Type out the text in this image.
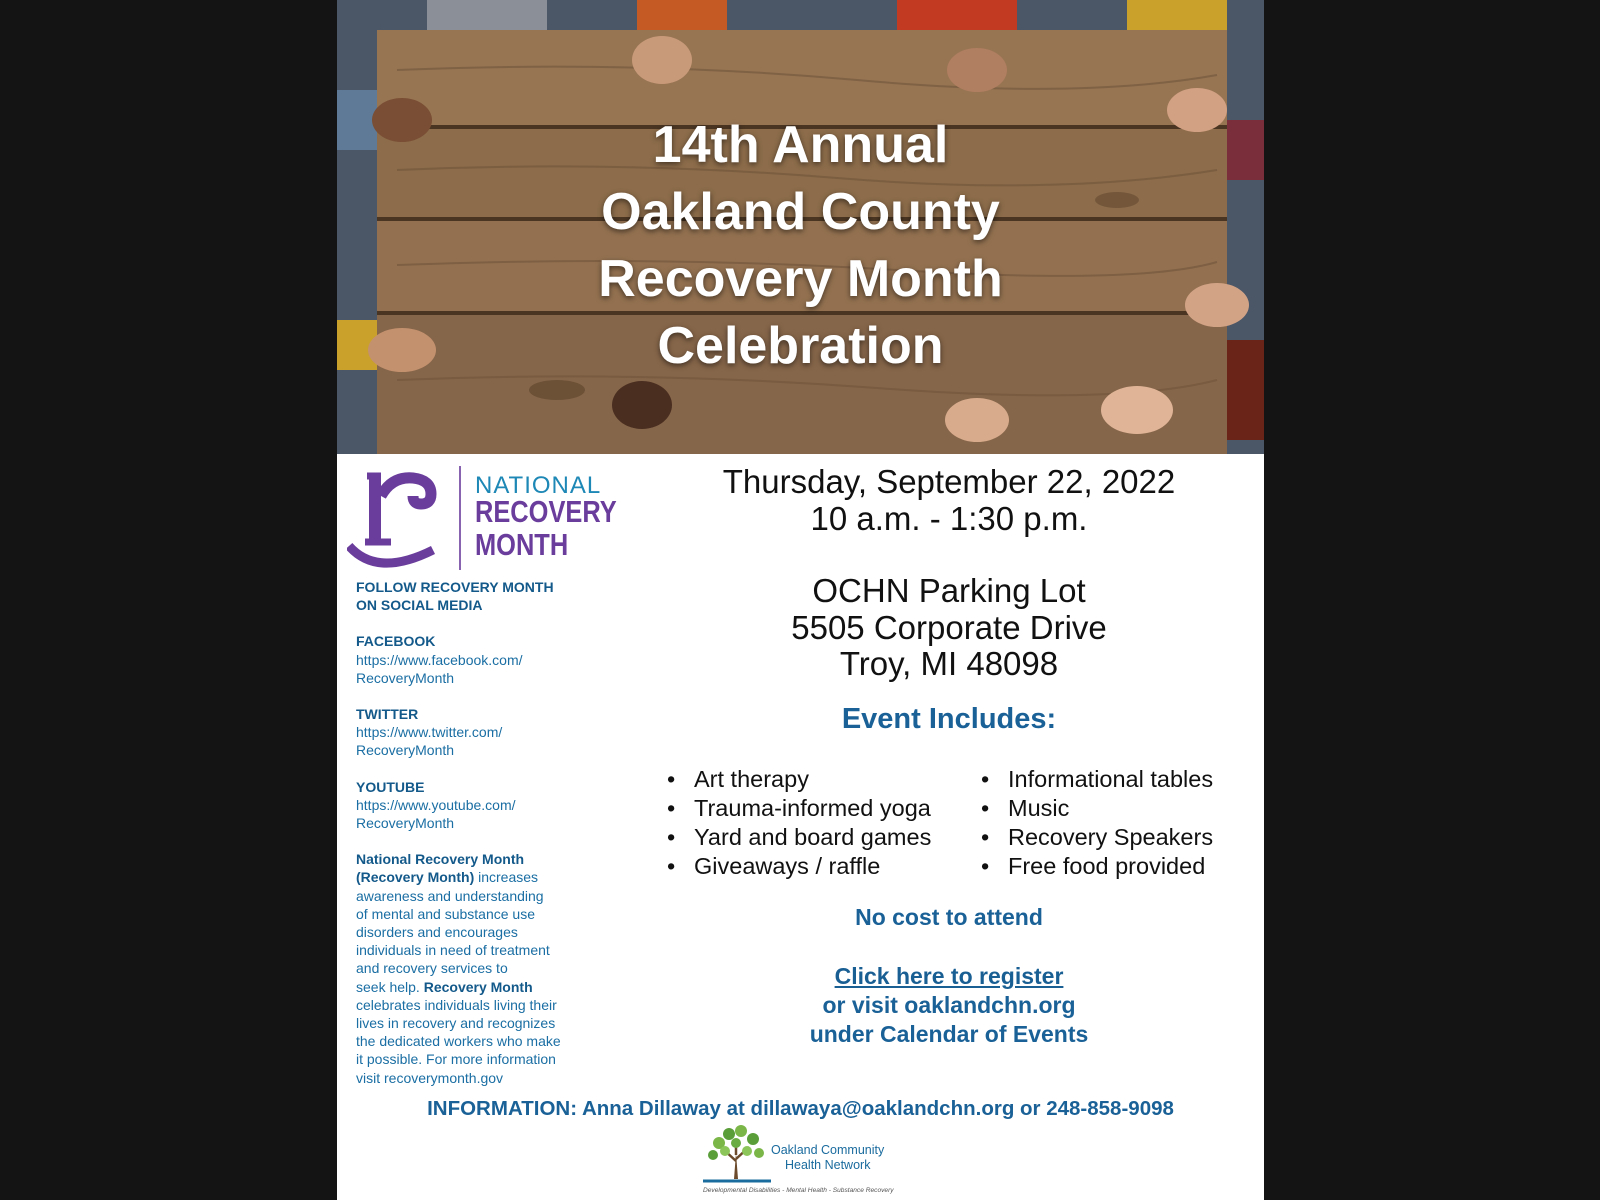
14th Annual
Oakland County
Recovery Month
Celebration
NATIONAL
RECOVERY
MONTH
FOLLOW RECOVERY MONTH
ON SOCIAL MEDIA
FACEBOOK
https://www.facebook.com/
RecoveryMonth
TWITTER
https://www.twitter.com/
RecoveryMonth
YOUTUBE
https://www.youtube.com/
RecoveryMonth
National Recovery Month
(Recovery Month) increases
awareness and understanding
of mental and substance use
disorders and encourages
individuals in need of treatment
and recovery services to
seek help. Recovery Month
celebrates individuals living their
lives in recovery and recognizes
the dedicated workers who make
it possible. For more information
visit recoverymonth.gov
Thursday, September 22, 2022
10 a.m. - 1:30 p.m.
OCHN Parking Lot
5505 Corporate Drive
Troy, MI 48098
Event Includes:
• Art therapy
• Trauma-informed yoga
• Yard and board games
• Giveaways / raffle
• Informational tables
• Music
• Recovery Speakers
• Free food provided
No cost to attend
Click here to register
or visit oaklandchn.org
under Calendar of Events
INFORMATION: Anna Dillaway at dillawaya@oaklandchn.org or 248-858-9098
Oakland Community
Health Network
Developmental Disabilities - Mental Health - Substance Recovery
